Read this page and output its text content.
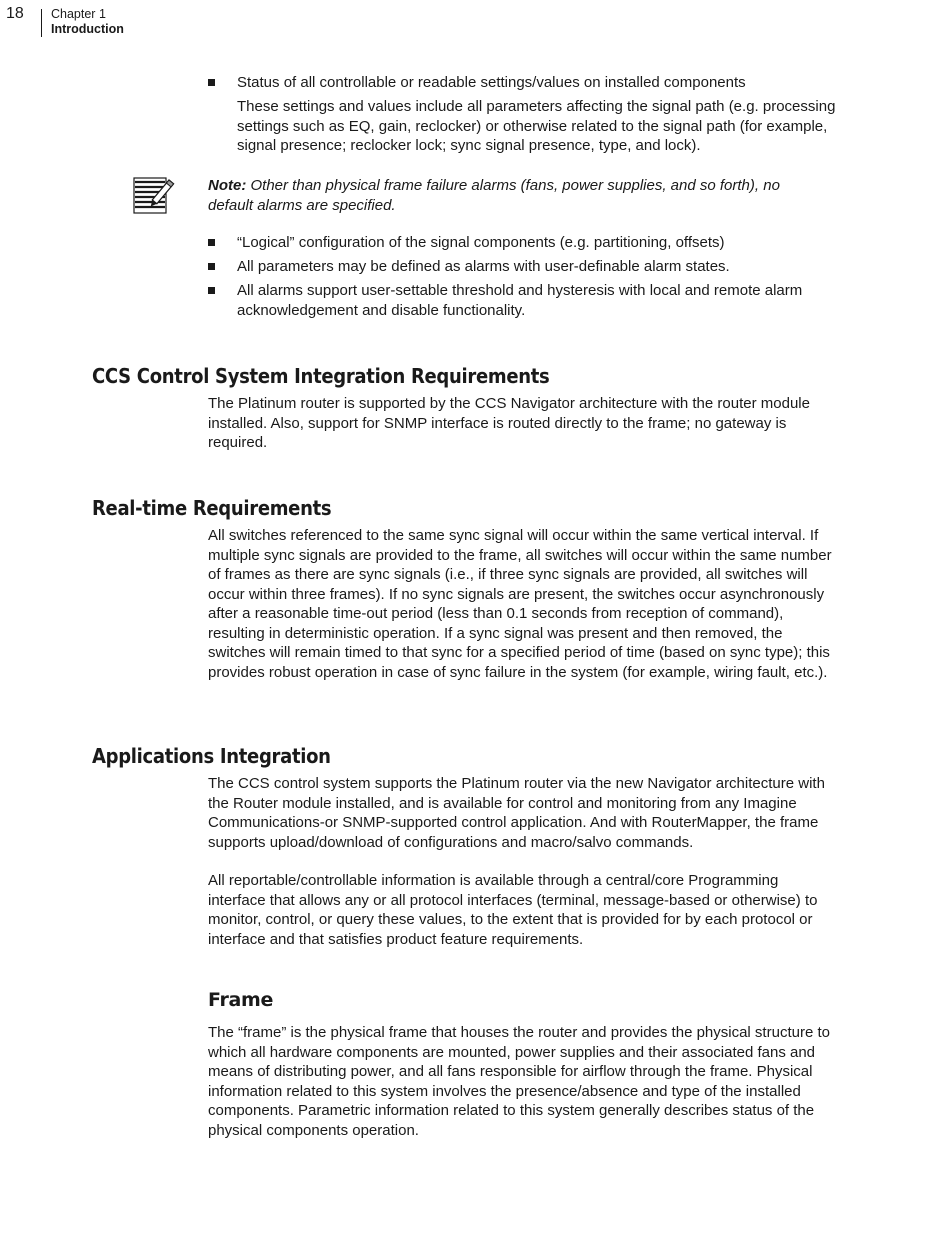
18 Chapter 1
Introduction
Status of all controllable or readable settings/values on installed components
These settings and values include all parameters affecting the signal path (e.g. processing settings such as EQ, gain, reclocker) or otherwise related to the signal path (for example, signal presence; reclocker lock; sync signal presence, type, and lock).
Note: Other than physical frame failure alarms (fans, power supplies, and so forth), no default alarms are specified.
“Logical” configuration of the signal components (e.g. partitioning, offsets)
All parameters may be defined as alarms with user-definable alarm states.
All alarms support user-settable threshold and hysteresis with local and remote alarm acknowledgement and disable functionality.
CCS Control System Integration Requirements
The Platinum router is supported by the CCS Navigator architecture with the router module installed. Also, support for SNMP interface is routed directly to the frame; no gateway is required.
Real-time Requirements
All switches referenced to the same sync signal will occur within the same vertical interval. If multiple sync signals are provided to the frame, all switches will occur within the same number of frames as there are sync signals (i.e., if three sync signals are provided, all switches will occur within three frames). If no sync signals are present, the switches occur asynchronously after a reasonable time-out period (less than 0.1 seconds from reception of command), resulting in deterministic operation. If a sync signal was present and then removed, the switches will remain timed to that sync for a specified period of time (based on sync type); this provides robust operation in case of sync failure in the system (for example, wiring fault, etc.).
Applications Integration
The CCS control system supports the Platinum router via the new Navigator architecture with the Router module installed, and is available for control and monitoring from any Imagine Communications-or SNMP-supported control application. And with RouterMapper, the frame supports upload/download of configurations and macro/salvo commands.
All reportable/controllable information is available through a central/core Programming interface that allows any or all protocol interfaces (terminal, message-based or otherwise) to monitor, control, or query these values, to the extent that is provided for by each protocol or interface and that satisfies product feature requirements.
Frame
The “frame” is the physical frame that houses the router and provides the physical structure to which all hardware components are mounted, power supplies and their associated fans and means of distributing power, and all fans responsible for airflow through the frame. Physical information related to this system involves the presence/absence and type of the installed components. Parametric information related to this system generally describes status of the physical components operation.
